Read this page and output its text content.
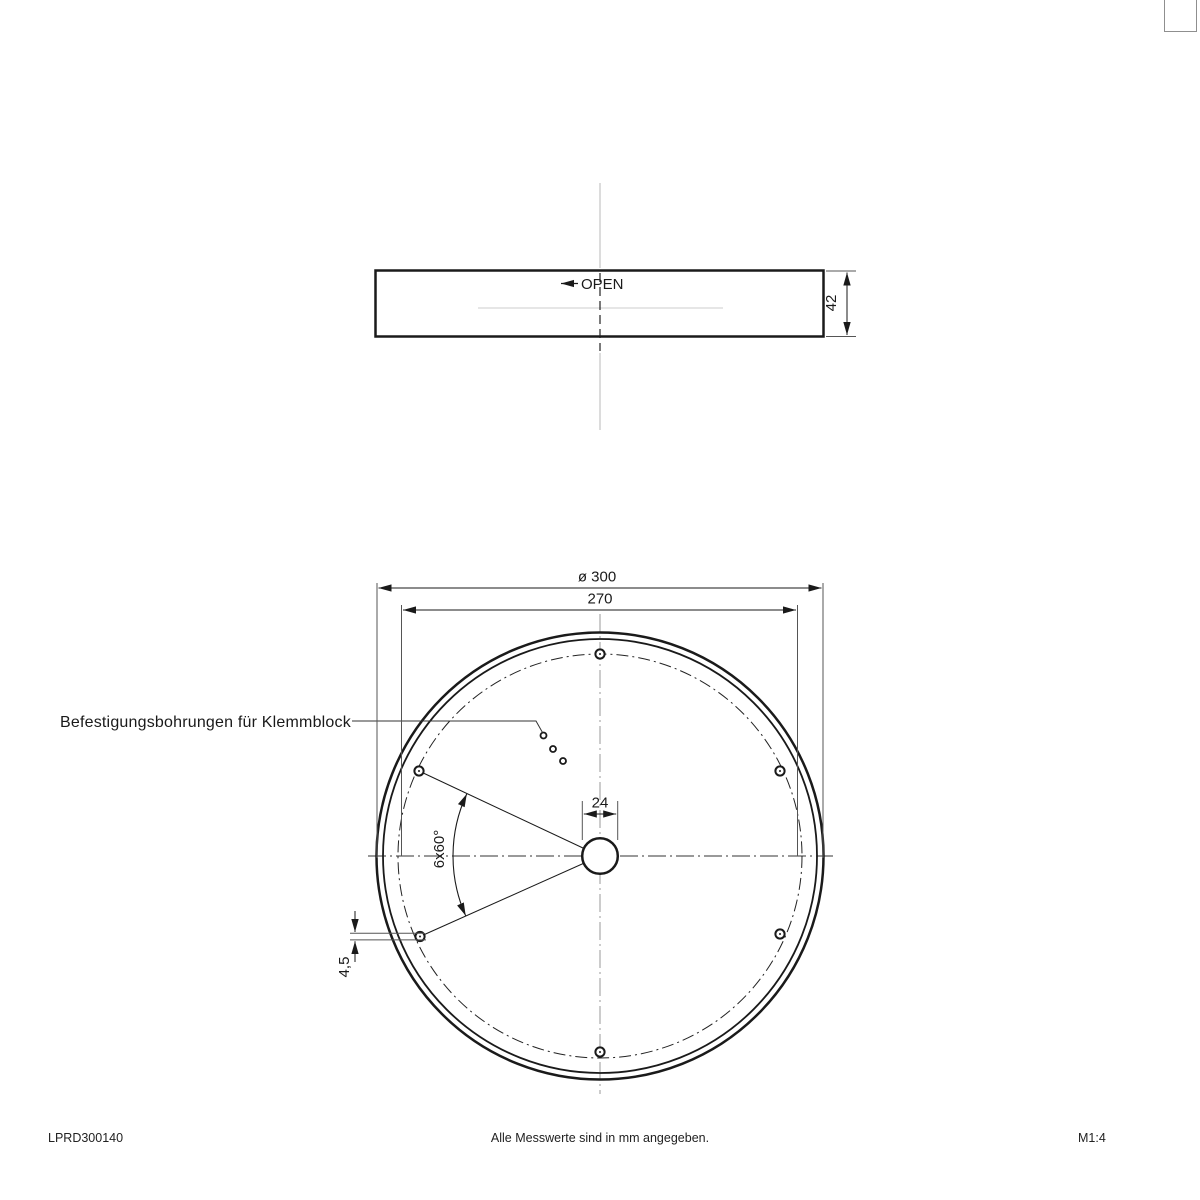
OPEN
42
6x60°
Befestigungsbohrungen für Klemmblock
ø 300
270
24
4,5
LPRD300140	Alle Messwerte sind in mm angegeben.	M1:4
